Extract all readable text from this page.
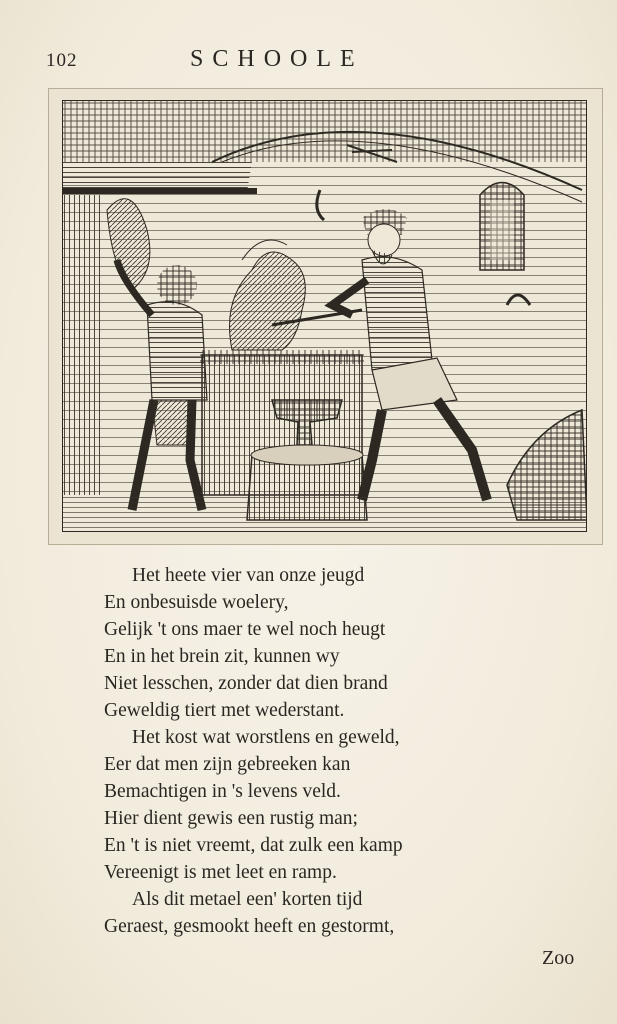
102	SCHOOLE
Het heete vier van onze jeugd
En onbesuisde woelery,
Gelijk 't ons maer te wel noch heugt
En in het brein zit, kunnen wy
Niet lesschen, zonder dat dien brand
Geweldig tiert met wederstant.
Het kost wat worstlens en geweld,
Eer dat men zijn gebreeken kan
Bemachtigen in 's levens veld.
Hier dient gewis een rustig man;
En 't is niet vreemt, dat zulk een kamp
Vereenigt is met leet en ramp.
Als dit metael een' korten tijd
Geraest, gesmookt heeft en gestormt,
Zoo
